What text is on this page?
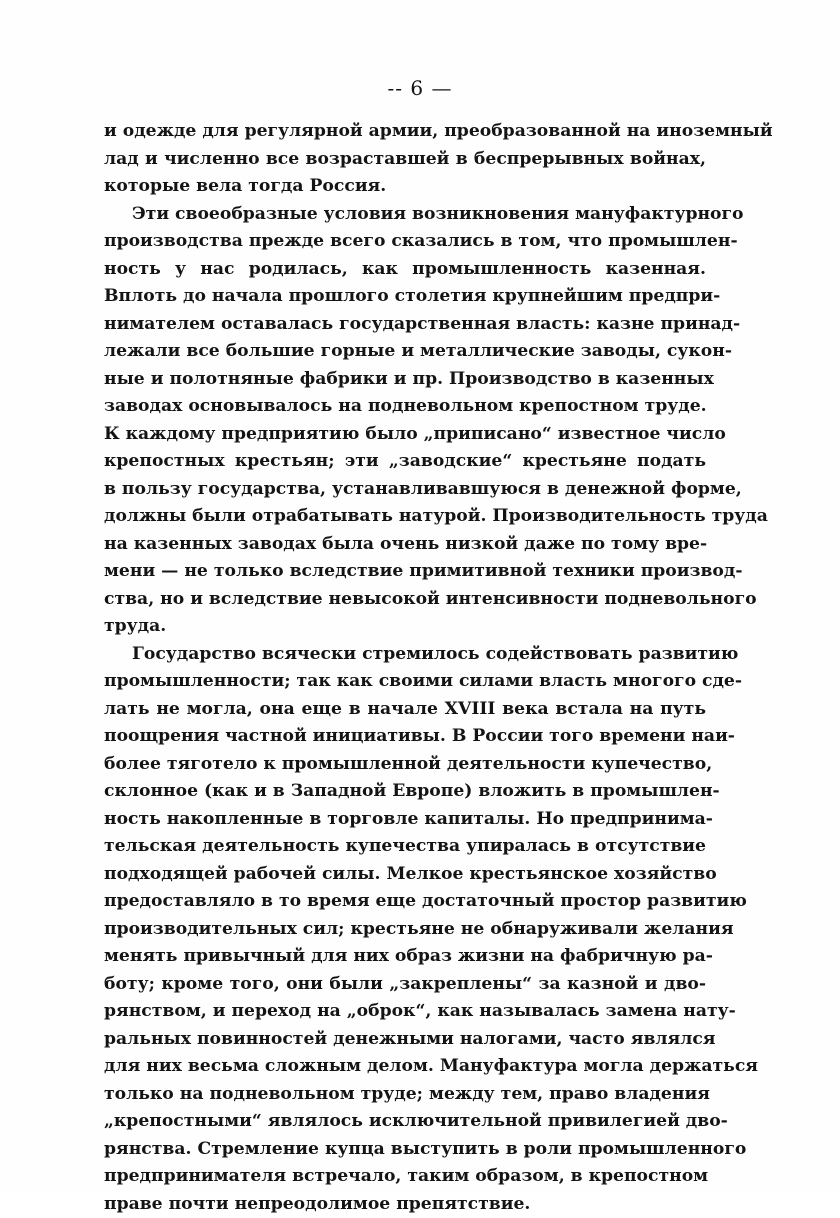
-- 6 —

и одежде для регулярной армии, преобразованной на иноземный
лад и численно все возраставшей в беспрерывных войнах,
которые вела тогда Россия.
Эти своеобразные условия возникновения мануфактурного
производства прежде всего сказались в том, что промышлен-
ность у нас родилась, как промышленность казенная.
Вплоть до начала прошлого столетия крупнейшим предпри-
нимателем оставалась государственная власть: казне принад-
лежали все большие горные и металлические заводы, сукон-
ные и полотняные фабрики и пр. Производство в казенных
заводах основывалось на подневольном крепостном труде.
К каждому предприятию было „приписано“ известное число
крепостных крестьян; эти „заводские“ крестьяне подать
в пользу государства, устанавливавшуюся в денежной форме,
должны были отрабатывать натурой. Производительность труда
на казенных заводах была очень низкой даже по тому вре-
мени — не только вследствие примитивной техники производ-
ства, но и вследствие невысокой интенсивности подневольного
труда.
Государство всячески стремилось содействовать развитию
промышленности; так как своими силами власть многого сде-
лать не могла, она еще в начале XVIII века встала на путь
поощрения частной инициативы. В России того времени наи-
более тяготело к промышленной деятельности купечество,
склонное (как и в Западной Европе) вложить в промышлен-
ность накопленные в торговле капиталы. Но предпринима-
тельская деятельность купечества упиралась в отсутствие
подходящей рабочей силы. Мелкое крестьянское хозяйство
предоставляло в то время еще достаточный простор развитию
производительных сил; крестьяне не обнаруживали желания
менять привычный для них образ жизни на фабричную ра-
боту; кроме того, они были „закреплены“ за казной и дво-
рянством, и переход на „оброк“, как называлась замена нату-
ральных повинностей денежными налогами, часто являлся
для них весьма сложным делом. Мануфактура могла держаться
только на подневольном труде; между тем, право владения
„крепостными“ являлось исключительной привилегией дво-
рянства. Стремление купца выступить в роли промышленного
предпринимателя встречало, таким образом, в крепостном
праве почти непреодолимое препятствие.
